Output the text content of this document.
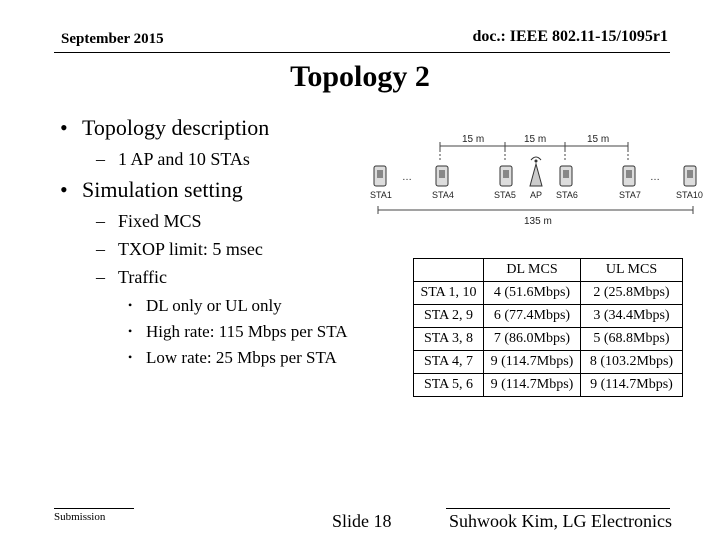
September 2015	doc.: IEEE 802.11-15/1095r1
Topology 2
• Topology description
– 1 AP and 10 STAs
• Simulation setting
– Fixed MCS
– TXOP limit: 5 msec
– Traffic
• DL only or UL only
• High rate: 115 Mbps per STA
• Low rate: 25 Mbps per STA
15 m	15 m	15 m
…	…
STA1	STA4	STA5 AP STA6	STA7	STA10
135 m
	DL MCS	UL MCS
STA 1, 10	4 (51.6Mbps)	2 (25.8Mbps)
STA 2, 9	6 (77.4Mbps)	3 (34.4Mbps)
STA 3, 8	7 (86.0Mbps)	5 (68.8Mbps)
STA 4, 7	9 (114.7Mbps)	8 (103.2Mbps)
STA 5, 6	9 (114.7Mbps)	9 (114.7Mbps)
Submission	Slide 18	Suhwook Kim, LG Electronics
